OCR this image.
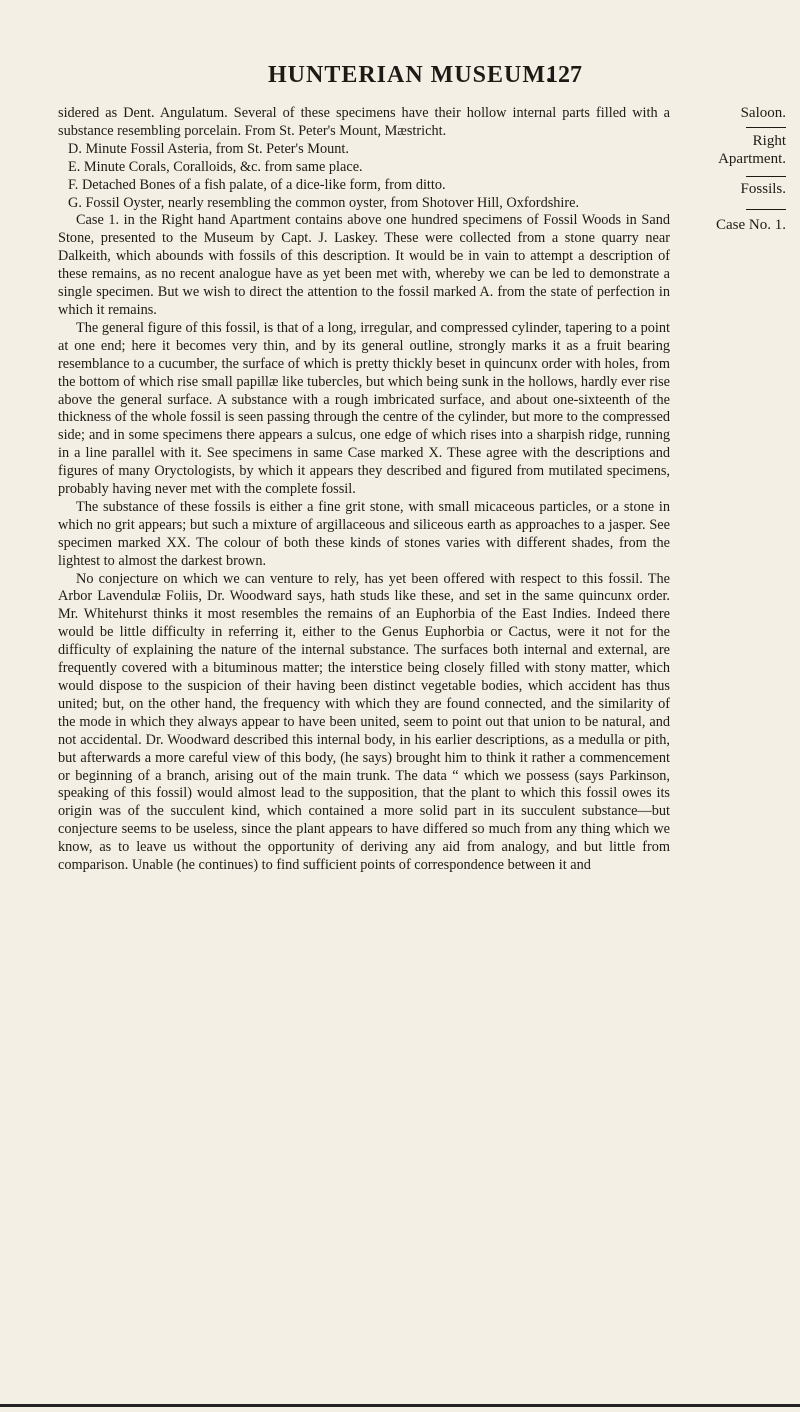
HUNTERIAN MUSEUM.
127

sidered as Dent. Angulatum. Several of these specimens have their hollow internal parts filled with a substance resembling porcelain. From St. Peter's Mount, Mæstricht.

D. Minute Fossil Asteria, from St. Peter's Mount.

E. Minute Corals, Coralloids, &c. from same place.

F. Detached Bones of a fish palate, of a dice-like form, from ditto.

G. Fossil Oyster, nearly resembling the common oyster, from Shotover Hill, Oxfordshire.

Case 1. in the Right hand Apartment contains above one hundred specimens of Fossil Woods in Sand Stone, presented to the Museum by Capt. J. Laskey. These were collected from a stone quarry near Dalkeith, which abounds with fossils of this description. It would be in vain to attempt a description of these remains, as no recent analogue have as yet been met with, whereby we can be led to demonstrate a single specimen. But we wish to direct the attention to the fossil marked A. from the state of perfection in which it remains.

The general figure of this fossil, is that of a long, irregular, and compressed cylinder, tapering to a point at one end; here it becomes very thin, and by its general outline, strongly marks it as a fruit bearing resemblance to a cucumber, the surface of which is pretty thickly beset in quincunx order with holes, from the bottom of which rise small papillæ like tubercles, but which being sunk in the hollows, hardly ever rise above the general surface. A substance with a rough imbricated surface, and about one-sixteenth of the thickness of the whole fossil is seen passing through the centre of the cylinder, but more to the compressed side; and in some specimens there appears a sulcus, one edge of which rises into a sharpish ridge, running in a line parallel with it. See specimens in same Case marked X. These agree with the descriptions and figures of many Oryctologists, by which it appears they described and figured from mutilated specimens, probably having never met with the complete fossil.

The substance of these fossils is either a fine grit stone, with small micaceous particles, or a stone in which no grit appears; but such a mixture of argillaceous and siliceous earth as approaches to a jasper. See specimen marked XX. The colour of both these kinds of stones varies with different shades, from the lightest to almost the darkest brown.

No conjecture on which we can venture to rely, has yet been offered with respect to this fossil. The Arbor Lavendulæ Foliis, Dr. Woodward says, hath studs like these, and set in the same quincunx order. Mr. Whitehurst thinks it most resembles the remains of an Euphorbia of the East Indies. Indeed there would be little difficulty in referring it, either to the Genus Euphorbia or Cactus, were it not for the difficulty of explaining the nature of the internal substance. The surfaces both internal and external, are frequently covered with a bituminous matter; the interstice being closely filled with stony matter, which would dispose to the suspicion of their having been distinct vegetable bodies, which accident has thus united; but, on the other hand, the frequency with which they are found connected, and the similarity of the mode in which they always appear to have been united, seem to point out that union to be natural, and not accidental. Dr. Woodward described this internal body, in his earlier descriptions, as a medulla or pith, but afterwards a more careful view of this body, (he says) brought him to think it rather a commencement or beginning of a branch, arising out of the main trunk. The data “ which we possess (says Parkinson, speaking of this fossil) would almost lead to the supposition, that the plant to which this fossil owes its origin was of the succulent kind, which contained a more solid part in its succulent substance—but conjecture seems to be useless, since the plant appears to have differed so much from any thing which we know, as to leave us without the opportunity of deriving any aid from analogy, and but little from comparison. Unable (he continues) to find sufficient points of correspondence between it and

Saloon.
Right
Apartment.
Fossils.
Case No. 1.
